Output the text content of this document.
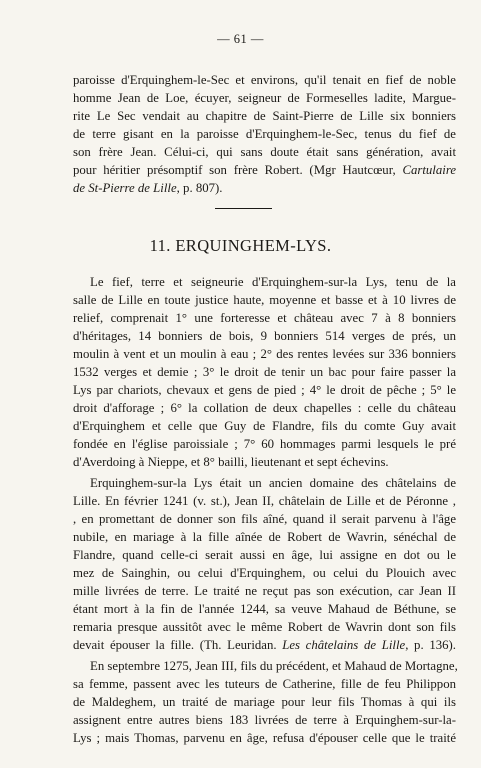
— 61 —
paroisse d'Erquinghem-le-Sec et environs, qu'il tenait en fief de noble
homme Jean de Loe, écuyer, seigneur de Formeselles ladite, Margue-
rite Le Sec vendait au chapitre de Saint-Pierre de Lille six bonniers
de terre gisant en la paroisse d'Erquinghem-le-Sec, tenus du fief de
son frère Jean. Célui-ci, qui sans doute était sans génération, avait
pour héritier présomptif son frère Robert. (Mgr Hautcœur, Cartulaire
de St-Pierre de Lille, p. 807).
11. ERQUINGHEM-LYS.
Le fief, terre et seigneurie d'Erquinghem-sur-la Lys, tenu de la
salle de Lille en toute justice haute, moyenne et basse et à 10 livres de
relief, comprenait 1° une forteresse et château avec 7 à 8 bonniers
d'héritages, 14 bonniers de bois, 9 bonniers 514 verges de prés, un
moulin à vent et un moulin à eau ; 2° des rentes levées sur 336 bonniers
1532 verges et demie ; 3° le droit de tenir un bac pour faire passer la
Lys par chariots, chevaux et gens de pied ; 4° le droit de pêche ; 5° le
droit d'afforage ; 6° la collation de deux chapelles : celle du château
d'Erquinghem et celle que Guy de Flandre, fils du comte Guy avait
fondée en l'église paroissiale ; 7° 60 hommages parmi lesquels le pré
d'Averdoing à Nieppe, et 8° bailli, lieutenant et sept échevins.
Erquinghem-sur-la Lys était un ancien domaine des châtelains de
Lille. En février 1241 (v. st.), Jean II, châtelain de Lille et de Péronne ,
, en promettant de donner son fils aîné, quand il serait parvenu à l'âge
nubile, en mariage à la fille aînée de Robert de Wavrin, sénéchal de
Flandre, quand celle-ci serait aussi en âge, lui assigne en dot ou le
mez de Sainghin, ou celui d'Erquinghem, ou celui du Plouich avec
mille livrées de terre. Le traité ne reçut pas son exécution, car Jean II
étant mort à la fin de l'année 1244, sa veuve Mahaud de Béthune, se
remaria presque aussitôt avec le même Robert de Wavrin dont son fils
devait épouser la fille. (Th. Leuridan. Les châtelains de Lille, p. 136).
En septembre 1275, Jean III, fils du précédent, et Mahaud de Mortagne,
sa femme, passent avec les tuteurs de Catherine, fille de feu Philippon
de Maldeghem, un traité de mariage pour leur fils Thomas à qui ils
assignent entre autres biens 183 livrées de terre à Erquinghem-sur-la-
Lys ; mais Thomas, parvenu en âge, refusa d'épouser celle que le traité
